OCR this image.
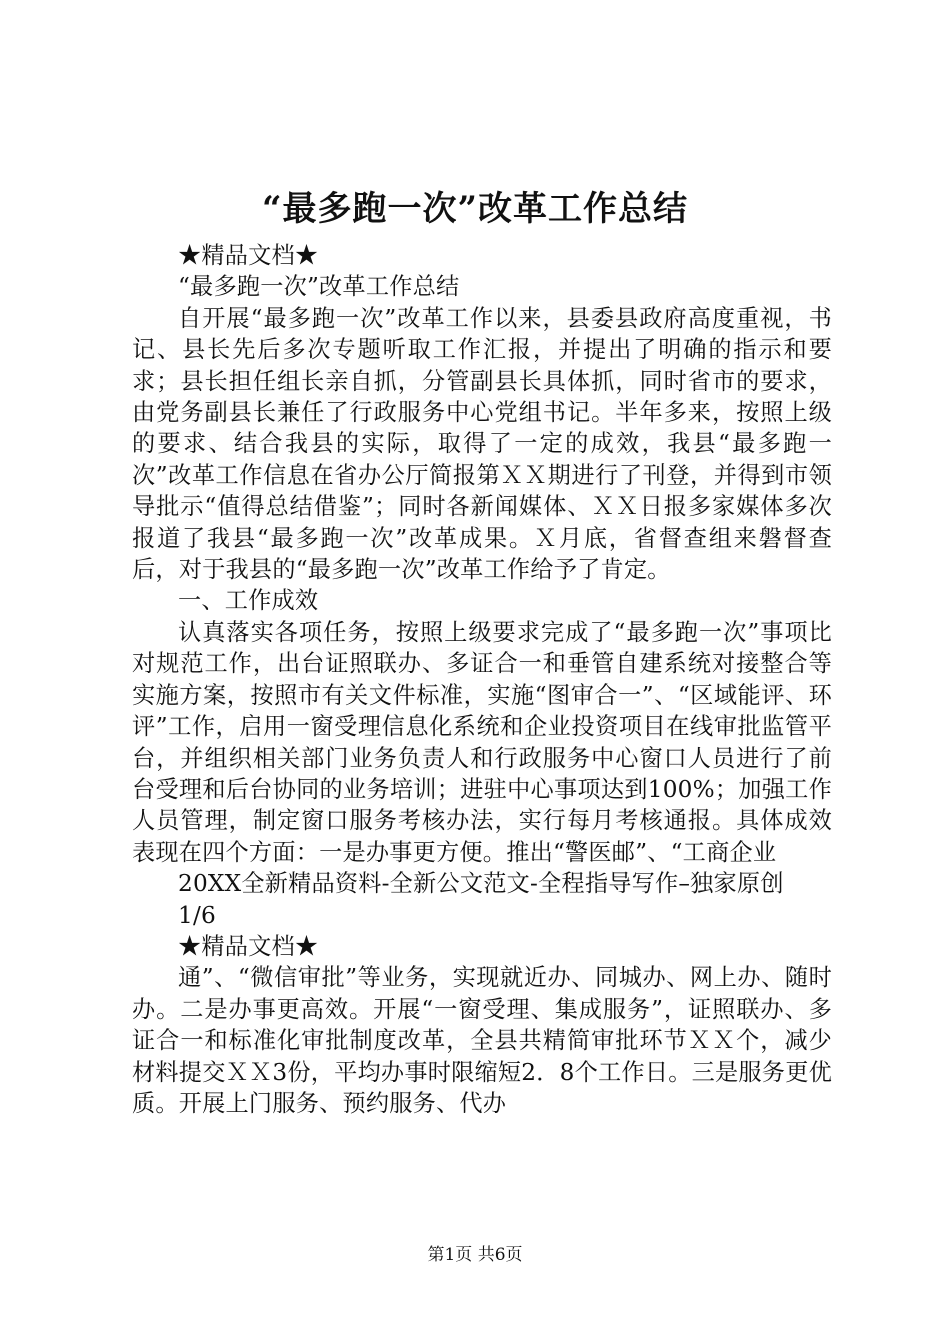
“最多跑一次”改革工作总结

★精品文档★

“最多跑一次”改革工作总结

自开展“最多跑一次”改革工作以来，县委县政府高度重视，书记、县长先后多次专题听取工作汇报，并提出了明确的指示和要求；县长担任组长亲自抓，分管副县长具体抓，同时省市的要求，由党务副县长兼任了行政服务中心党组书记。半年多来，按照上级的要求、结合我县的实际，取得了一定的成效，我县“最多跑一次”改革工作信息在省办公厅简报第ＸＸ期进行了刊登，并得到市领导批示“值得总结借鉴”；同时各新闻媒体、ＸＸ日报多家媒体多次报道了我县“最多跑一次”改革成果。Ｘ月底，省督查组来磐督查后，对于我县的“最多跑一次”改革工作给予了肯定。

一、工作成效

认真落实各项任务，按照上级要求完成了“最多跑一次”事项比对规范工作，出台证照联办、多证合一和垂管自建系统对接整合等实施方案，按照市有关文件标准，实施“图审合一”、“区域能评、环评”工作，启用一窗受理信息化系统和企业投资项目在线审批监管平台，并组织相关部门业务负责人和行政服务中心窗口人员进行了前台受理和后台协同的业务培训；进驻中心事项达到100%；加强工作人员管理，制定窗口服务考核办法，实行每月考核通报。具体成效表现在四个方面：一是办事更方便。推出“警医邮”、“工商企业

20XX全新精品资料-全新公文范文-全程指导写作–独家原创

1/6

★精品文档★

通”、“微信审批”等业务，实现就近办、同城办、网上办、随时办。二是办事更高效。开展“一窗受理、集成服务”，证照联办、多证合一和标准化审批制度改革，全县共精简审批环节ＸＸ个，减少材料提交ＸＸ3份，平均办事时限缩短2．8个工作日。三是服务更优质。开展上门服务、预约服务、代办

第1页 共6页
